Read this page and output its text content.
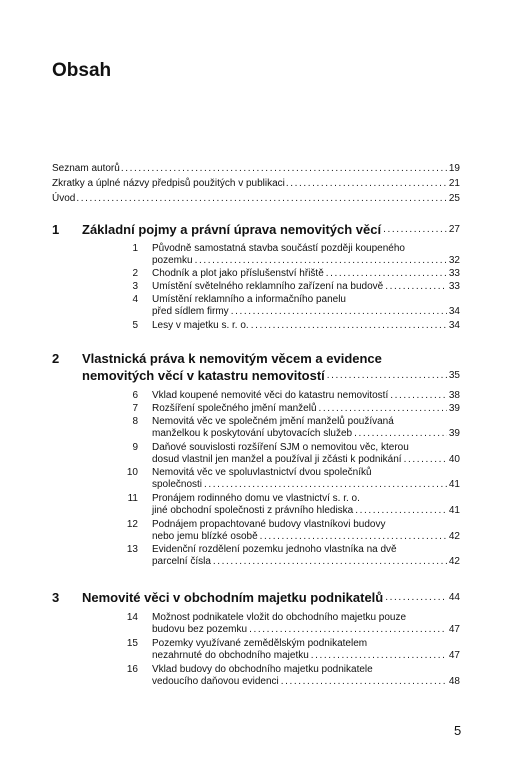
Obsah
Seznam autorů .....	19
Zkratky a úplné názvy předpisů použitých v publikaci .....	21
Úvod .....	25
1 Základní pojmy a právní úprava nemovitých věcí .....	27
1 Původně samostatná stavba součástí později koupeného
pozemku .....	32
2 Chodník a plot jako příslušenství hřiště .....	33
3 Umístění světelného reklamního zařízení na budově .....	33
4 Umístění reklamního a informačního panelu
před sídlem firmy .....	34
5 Lesy v majetku s. r. o. .....	34
2 Vlastnická práva k nemovitým věcem a evidence
nemovitých věcí v katastru nemovitostí .....	35
6 Vklad koupené nemovité věci do katastru nemovitostí .....	38
7 Rozšíření společného jmění manželů .....	39
8 Nemovitá věc ve společném jmění manželů používaná
manželkou k poskytování ubytovacích služeb .....	39
9 Daňové souvislosti rozšíření SJM o nemovitou věc, kterou
dosud vlastnil jen manžel a používal ji zčásti k podnikání .....	40
10 Nemovitá věc ve spoluvlastnictví dvou společníků
společnosti .....	41
11 Pronájem rodinného domu ve vlastnictví s. r. o.
jiné obchodní společnosti z právního hlediska .....	41
12 Podnájem propachtované budovy vlastníkovi budovy
nebo jemu blízké osobě .....	42
13 Evidenční rozdělení pozemku jednoho vlastníka na dvě
parcelní čísla .....	42
3 Nemovité věci v obchodním majetku podnikatelů .....	44
14 Možnost podnikatele vložit do obchodního majetku pouze
budovu bez pozemku .....	47
15 Pozemky využívané zemědělským podnikatelem
nezahrnuté do obchodního majetku .....	47
16 Vklad budovy do obchodního majetku podnikatele
vedoucího daňovou evidenci .....	48
5
